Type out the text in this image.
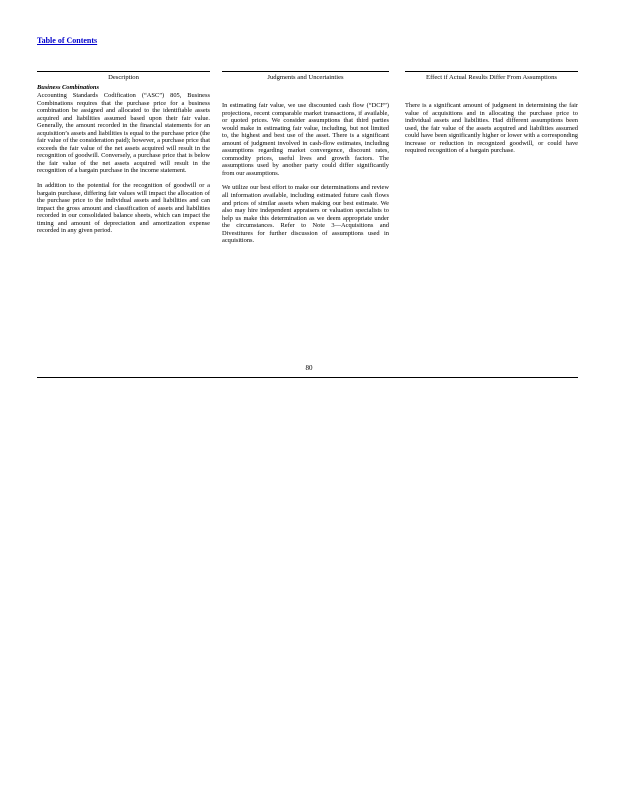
Table of Contents
Description
Business Combinations

Accounting Standards Codification (“ASC”) 805, Business Combinations requires that the purchase price for a business combination be assigned and allocated to the identifiable assets acquired and liabilities assumed based upon their fair value. Generally, the amount recorded in the financial statements for an acquisition’s assets and liabilities is equal to the purchase price (the fair value of the consideration paid); however, a purchase price that exceeds the fair value of the net assets acquired will result in the recognition of goodwill. Conversely, a purchase price that is below the fair value of the net assets acquired will result in the recognition of a bargain purchase in the income statement.

In addition to the potential for the recognition of goodwill or a bargain purchase, differing fair values will impact the allocation of the purchase price to the individual assets and liabilities and can impact the gross amount and classification of assets and liabilities recorded in our consolidated balance sheets, which can impact the timing and amount of depreciation and amortization expense recorded in any given period.

Judgments and Uncertainties

In estimating fair value, we use discounted cash flow (“DCF”) projections, recent comparable market transactions, if available, or quoted prices. We consider assumptions that third parties would make in estimating fair value, including, but not limited to, the highest and best use of the asset. There is a significant amount of judgment involved in cash-flow estimates, including assumptions regarding market convergence, discount rates, commodity prices, useful lives and growth factors. The assumptions used by another party could differ significantly from our assumptions.

We utilize our best effort to make our determinations and review all information available, including estimated future cash flows and prices of similar assets when making our best estimate. We also may hire independent appraisers or valuation specialists to help us make this determination as we deem appropriate under the circumstances. Refer to Note 3—Acquisitions and Divestitures for further discussion of assumptions used in acquisitions.

Effect if Actual Results Differ From Assumptions

There is a significant amount of judgment in determining the fair value of acquisitions and in allocating the purchase price to individual assets and liabilities. Had different assumptions been used, the fair value of the assets acquired and liabilities assumed could have been significantly higher or lower with a corresponding increase or reduction in recognized goodwill, or could have required recognition of a bargain purchase.

80
